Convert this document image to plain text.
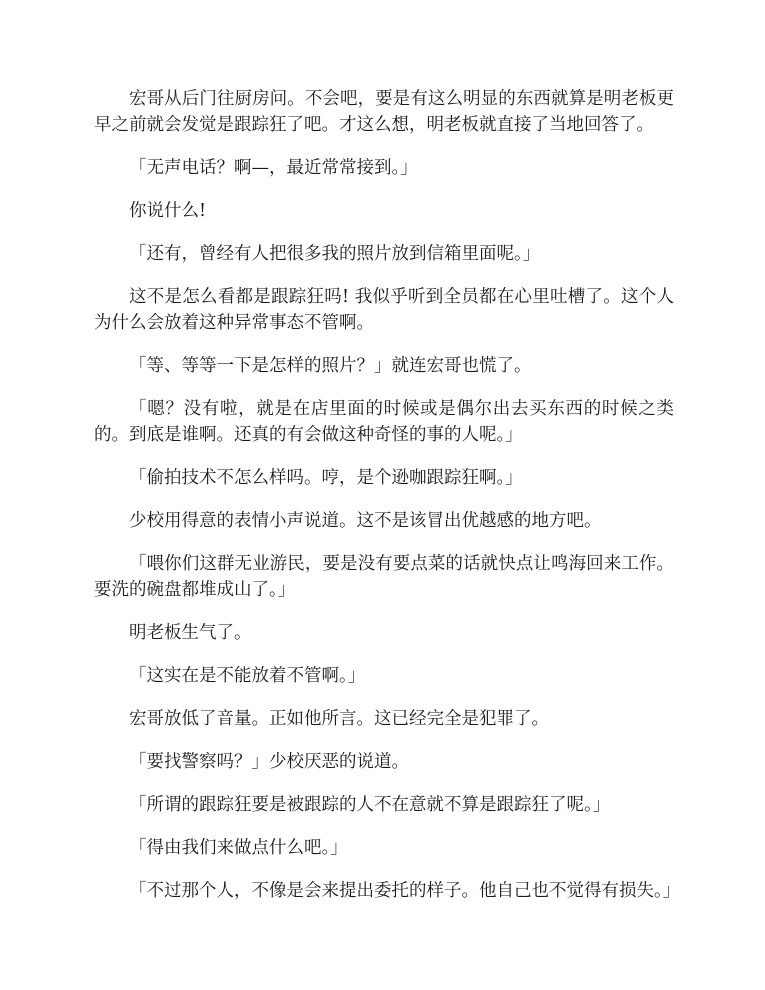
宏哥从后门往厨房问。不会吧，要是有这么明显的东西就算是明老板更早之前就会发觉是跟踪狂了吧。才这么想，明老板就直接了当地回答了。

「无声电话？啊—，最近常常接到。」

你说什么!

「还有，曾经有人把很多我的照片放到信箱里面呢。」

这不是怎么看都是跟踪狂吗! 我似乎听到全员都在心里吐槽了。这个人为什么会放着这种异常事态不管啊。

「等、等等一下是怎样的照片？」就连宏哥也慌了。

「嗯？没有啦，就是在店里面的时候或是偶尔出去买东西的时候之类的。到底是谁啊。还真的有会做这种奇怪的事的人呢。」

「偷拍技术不怎么样吗。哼，是个逊咖跟踪狂啊。」

少校用得意的表情小声说道。这不是该冒出优越感的地方吧。

「喂你们这群无业游民，要是没有要点菜的话就快点让鸣海回来工作。要洗的碗盘都堆成山了。」

明老板生气了。

「这实在是不能放着不管啊。」

宏哥放低了音量。正如他所言。这已经完全是犯罪了。

「要找警察吗？」少校厌恶的说道。

「所谓的跟踪狂要是被跟踪的人不在意就不算是跟踪狂了呢。」

「得由我们来做点什么吧。」

「不过那个人，不像是会来提出委托的样子。他自己也不觉得有损失。」
